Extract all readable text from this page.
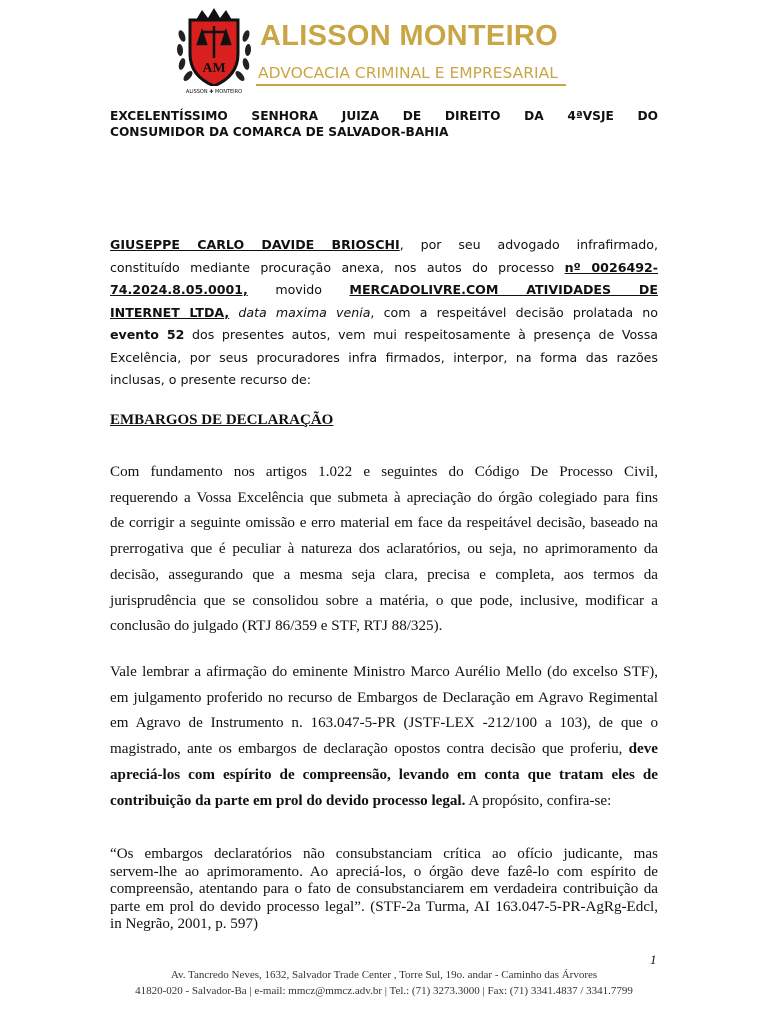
AM
ALISSON ✚ MONTEIRO
ALISSON MONTEIRO
ADVOCACIA CRIMINAL E EMPRESARIAL
EXCELENTÍSSIMO SENHORA JUIZA DE DIREITO DA 4ªVSJE DO
CONSUMIDOR DA COMARCA DE SALVADOR-BAHIA
GIUSEPPE CARLO DAVIDE BRIOSCHI, por seu advogado infrafirmado,
constituído mediante procuração anexa, nos autos do processo nº 0026492-
74.2024.8.05.0001, movido MERCADOLIVRE.COM ATIVIDADES DE
INTERNET LTDA, data maxima venia, com a respeitável decisão prolatada no
evento 52 dos presentes autos, vem mui respeitosamente à presença de Vossa
Excelência, por seus procuradores infra firmados, interpor, na forma das razões
inclusas, o presente recurso de:
EMBARGOS DE DECLARAÇÃO
Com fundamento nos artigos 1.022 e seguintes do Código De Processo Civil,
requerendo a Vossa Excelência que submeta à apreciação do órgão colegiado para fins
de corrigir a seguinte omissão e erro material em face da respeitável decisão, baseado na
prerrogativa que é peculiar à natureza dos aclaratórios, ou seja, no aprimoramento da
decisão, assegurando que a mesma seja clara, precisa e completa, aos termos da
jurisprudência que se consolidou sobre a matéria, o que pode, inclusive, modificar a
conclusão do julgado (RTJ 86/359 e STF, RTJ 88/325).
Vale lembrar a afirmação do eminente Ministro Marco Aurélio Mello (do excelso STF),
em julgamento proferido no recurso de Embargos de Declaração em Agravo Regimental
em Agravo de Instrumento n. 163.047-5-PR (JSTF-LEX -212/100 a 103), de que o
magistrado, ante os embargos de declaração opostos contra decisão que proferiu, deve
apreciá-los com espírito de compreensão, levando em conta que tratam eles de
contribuição da parte em prol do devido processo legal. A propósito, confira-se:
“Os embargos declaratórios não consubstanciam crítica ao ofício judicante, mas
servem-lhe ao aprimoramento. Ao apreciá-los, o órgão deve fazê-lo com espírito de
compreensão, atentando para o fato de consubstanciarem em verdadeira contribuição da
parte em prol do devido processo legal”. (STF-2a Turma, AI 163.047-5-PR-AgRg-Edcl,
in Negrão, 2001, p. 597)
1
Av. Tancredo Neves, 1632, Salvador Trade Center , Torre Sul, 19o. andar - Caminho das Árvores
41820-020 - Salvador-Ba | e-mail: mmcz@mmcz.adv.br | Tel.: (71) 3273.3000 | Fax: (71) 3341.4837 / 3341.7799
